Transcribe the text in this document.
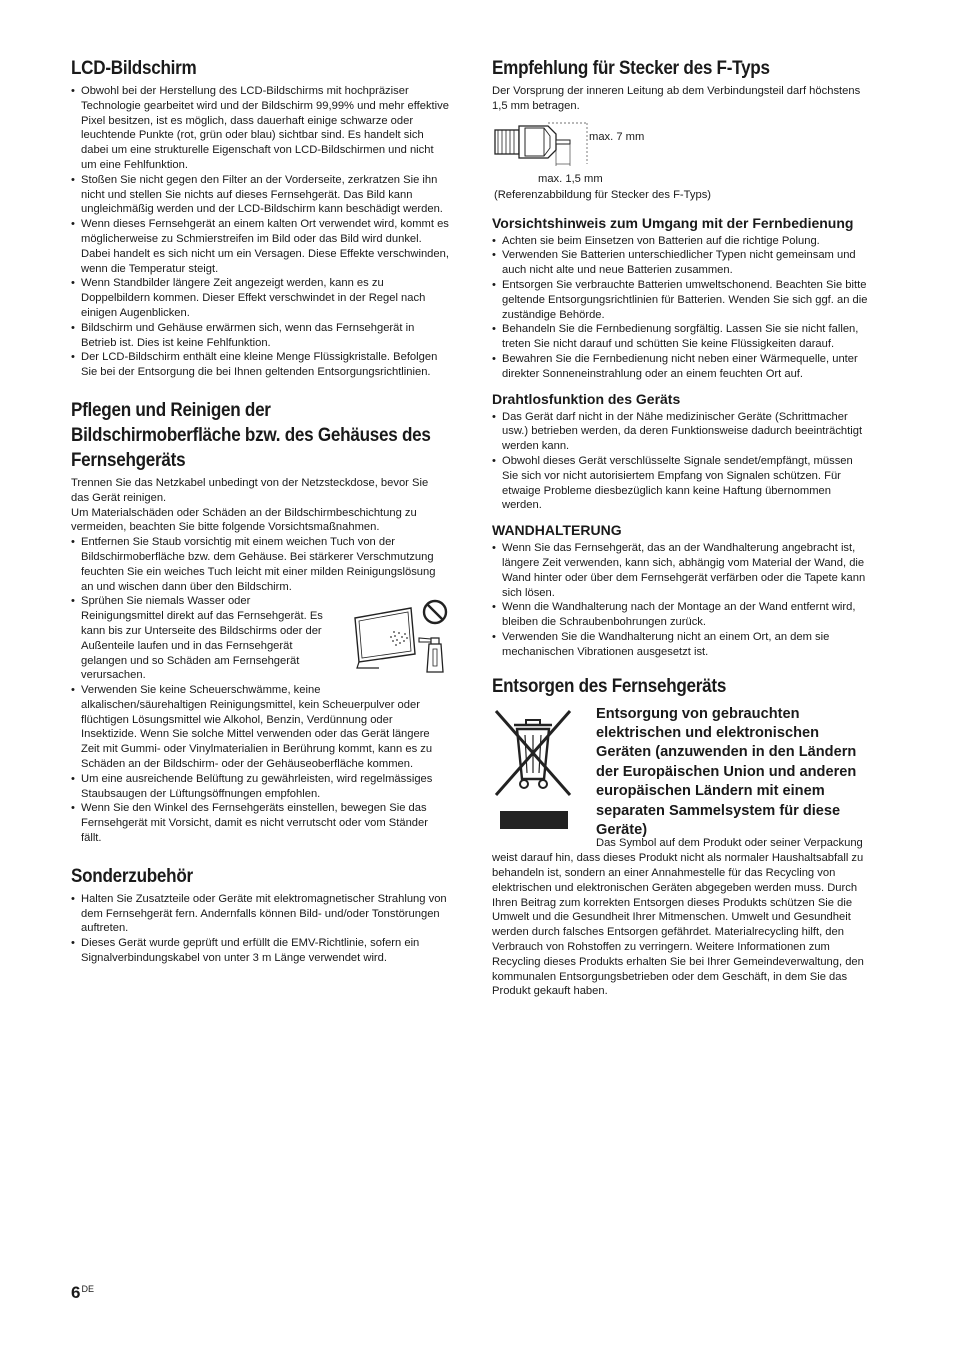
LCD-Bildschirm
• Obwohl bei der Herstellung des LCD-Bildschirms mit hochpräziser Technologie gearbeitet wird und der Bildschirm 99,99% und mehr effektive Pixel besitzen, ist es möglich, dass dauerhaft einige schwarze oder leuchtende Punkte (rot, grün oder blau) sichtbar sind. Es handelt sich dabei um eine strukturelle Eigenschaft von LCD-Bildschirmen und nicht um eine Fehlfunktion.
• Stoßen Sie nicht gegen den Filter an der Vorderseite, zerkratzen Sie ihn nicht und stellen Sie nichts auf dieses Fernsehgerät. Das Bild kann ungleichmäßig werden und der LCD-Bildschirm kann beschädigt werden.
• Wenn dieses Fernsehgerät an einem kalten Ort verwendet wird, kommt es möglicherweise zu Schmierstreifen im Bild oder das Bild wird dunkel. Dabei handelt es sich nicht um ein Versagen. Diese Effekte verschwinden, wenn die Temperatur steigt.
• Wenn Standbilder längere Zeit angezeigt werden, kann es zu Doppelbildern kommen. Dieser Effekt verschwindet in der Regel nach einigen Augenblicken.
• Bildschirm und Gehäuse erwärmen sich, wenn das Fernsehgerät in Betrieb ist. Dies ist keine Fehlfunktion.
• Der LCD-Bildschirm enthält eine kleine Menge Flüssigkristalle. Befolgen Sie bei der Entsorgung die bei Ihnen geltenden Entsorgungsrichtlinien.
Pflegen und Reinigen der
Bildschirmoberfläche bzw. des Gehäuses des
Fernsehgeräts

Trennen Sie das Netzkabel unbedingt von der Netzsteckdose, bevor Sie das Gerät reinigen.

Um Materialschäden oder Schäden an der Bildschirmbeschichtung zu vermeiden, beachten Sie bitte folgende Vorsichtsmaßnahmen.

• Entfernen Sie Staub vorsichtig mit einem weichen Tuch von der Bildschirmoberfläche bzw. dem Gehäuse. Bei stärkerer Verschmutzung feuchten Sie ein weiches Tuch leicht mit einer milden Reinigungslösung an und wischen dann über den Bildschirm.
• Sprühen Sie niemals Wasser oder Reinigungsmittel direkt auf das Fernsehgerät. Es kann bis zur Unterseite des Bildschirms oder der Außenteile laufen und in das Fernsehgerät gelangen und so Schäden am Fernsehgerät verursachen.
• Verwenden Sie keine Scheuerschwämme, keine alkalischen/säurehaltigen Reinigungsmittel, kein Scheuerpulver oder flüchtigen Lösungsmittel wie Alkohol, Benzin, Verdünnung oder Insektizide. Wenn Sie solche Mittel verwenden oder das Gerät längere Zeit mit Gummi- oder Vinylmaterialien in Berührung kommt, kann es zu Schäden an der Bildschirm- oder der Gehäuseoberfläche kommen.
• Um eine ausreichende Belüftung zu gewährleisten, wird regelmässiges Staubsaugen der Lüftungsöffnungen empfohlen.
• Wenn Sie den Winkel des Fernsehgeräts einstellen, bewegen Sie das Fernsehgerät mit Vorsicht, damit es nicht verrutscht oder vom Ständer fällt.
Sonderzubehör
• Halten Sie Zusatzteile oder Geräte mit elektromagnetischer Strahlung von dem Fernsehgerät fern. Andernfalls können Bild- und/oder Tonstörungen auftreten.
• Dieses Gerät wurde geprüft und erfüllt die EMV-Richtlinie, sofern ein Signalverbindungskabel von unter 3 m Länge verwendet wird.
Empfehlung für Stecker des F-Typs

Der Vorsprung der inneren Leitung ab dem Verbindungsteil darf höchstens 1,5 mm betragen.

max. 7 mm
max. 1,5 mm
(Referenzabbildung für Stecker des F-Typs)
Vorsichtshinweis zum Umgang mit der Fernbedienung
• Achten sie beim Einsetzen von Batterien auf die richtige Polung.
• Verwenden Sie Batterien unterschiedlicher Typen nicht gemeinsam und auch nicht alte und neue Batterien zusammen.
• Entsorgen Sie verbrauchte Batterien umweltschonend. Beachten Sie bitte geltende Entsorgungsrichtlinien für Batterien. Wenden Sie sich ggf. an die zuständige Behörde.
• Behandeln Sie die Fernbedienung sorgfältig. Lassen Sie sie nicht fallen, treten Sie nicht darauf und schütten Sie keine Flüssigkeiten darauf.
• Bewahren Sie die Fernbedienung nicht neben einer Wärmequelle, unter direkter Sonneneinstrahlung oder an einem feuchten Ort auf.
Drahtlosfunktion des Geräts
• Das Gerät darf nicht in der Nähe medizinischer Geräte (Schrittmacher usw.) betrieben werden, da deren Funktionsweise dadurch beeinträchtigt werden kann.
• Obwohl dieses Gerät verschlüsselte Signale sendet/empfängt, müssen Sie sich vor nicht autorisiertem Empfang von Signalen schützen. Für etwaige Probleme diesbezüglich kann keine Haftung übernommen werden.
WANDHALTERUNG
• Wenn Sie das Fernsehgerät, das an der Wandhalterung angebracht ist, längere Zeit verwenden, kann sich, abhängig vom Material der Wand, die Wand hinter oder über dem Fernsehgerät verfärben oder die Tapete kann sich lösen.
• Wenn die Wandhalterung nach der Montage an der Wand entfernt wird, bleiben die Schraubenbohrungen zurück.
• Verwenden Sie die Wandhalterung nicht an einem Ort, an dem sie mechanischen Vibrationen ausgesetzt ist.
Entsorgen des Fernsehgeräts
Entsorgung von gebrauchten elektrischen und elektronischen Geräten (anzuwenden in den Ländern der Europäischen Union und anderen europäischen Ländern mit einem separaten Sammelsystem für diese Geräte)

Das Symbol auf dem Produkt oder seiner Verpackung weist darauf hin, dass dieses Produkt nicht als normaler Haushaltsabfall zu behandeln ist, sondern an einer Annahmestelle für das Recycling von elektrischen und elektronischen Geräten abgegeben werden muss. Durch Ihren Beitrag zum korrekten Entsorgen dieses Produkts schützen Sie die Umwelt und die Gesundheit Ihrer Mitmenschen. Umwelt und Gesundheit werden durch falsches Entsorgen gefährdet. Materialrecycling hilft, den Verbrauch von Rohstoffen zu verringern. Weitere Informationen zum Recycling dieses Produkts erhalten Sie bei Ihrer Gemeindeverwaltung, den kommunalen Entsorgungsbetrieben oder dem Geschäft, in dem Sie das Produkt gekauft haben.

6DE
